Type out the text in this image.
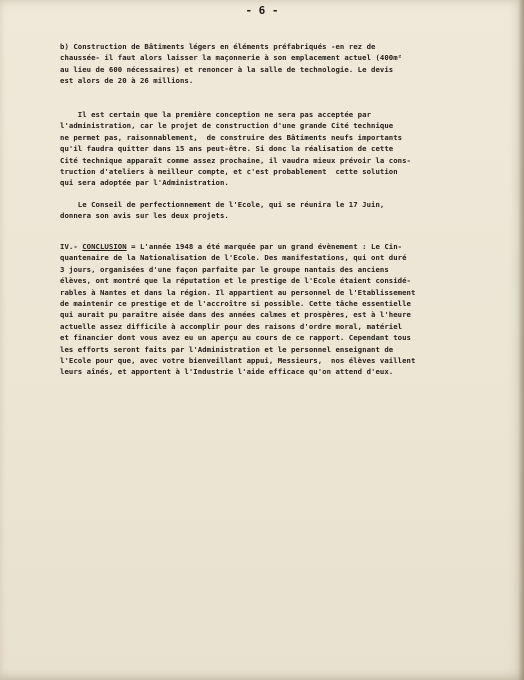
- 6 -
b) Construction de Bâtiments légers en éléments préfabriqués -en rez de
chaussée- il faut alors laisser la maçonnerie à son emplacement actuel (400m²
au lieu de 600 nécessaires) et renoncer à la salle de technologie. Le devis
est alors de 20 à 26 millions.
Il est certain que la première conception ne sera pas acceptée par
l'administration, car le projet de construction d'une grande Cité technique
ne permet pas, raisonnablement,  de construire des Bâtiments neufs importants
qu'il faudra quitter dans 15 ans peut-être. Si donc la réalisation de cette
Cité technique apparaît comme assez prochaine, il vaudra mieux prévoir la cons-
truction d'ateliers à meilleur compte, et c'est probablement  cette solution
qui sera adoptée par l'Administration.
Le Conseil de perfectionnement de l'Ecole, qui se réunira le 17 Juin,
donnera son avis sur les deux projets.
IV.- CONCLUSION = L'année 1948 a été marquée par un grand évènement : Le Cin-
quantenaire de la Nationalisation de l'Ecole. Des manifestations, qui ont duré
3 jours, organisées d'une façon parfaite par le groupe nantais des anciens
élèves, ont montré que la réputation et le prestige de l'Ecole étaient considé-
rables à Nantes et dans la région. Il appartient au personnel de l'Etablissement
de maintenir ce prestige et de l'accroître si possible. Cette tâche essentielle
qui aurait pu paraître aisée dans des années calmes et prospères, est à l'heure
actuelle assez difficile à accomplir pour des raisons d'ordre moral, matériel
et financier dont vous avez eu un aperçu au cours de ce rapport. Cependant tous
les efforts seront faits par l'Administration et le personnel enseignant de
l'Ecole pour que, avec votre bienveillant appui, Messieurs,  nos élèves vaillent
leurs aînés, et apportent à l'Industrie l'aide efficace qu'on attend d'eux.
